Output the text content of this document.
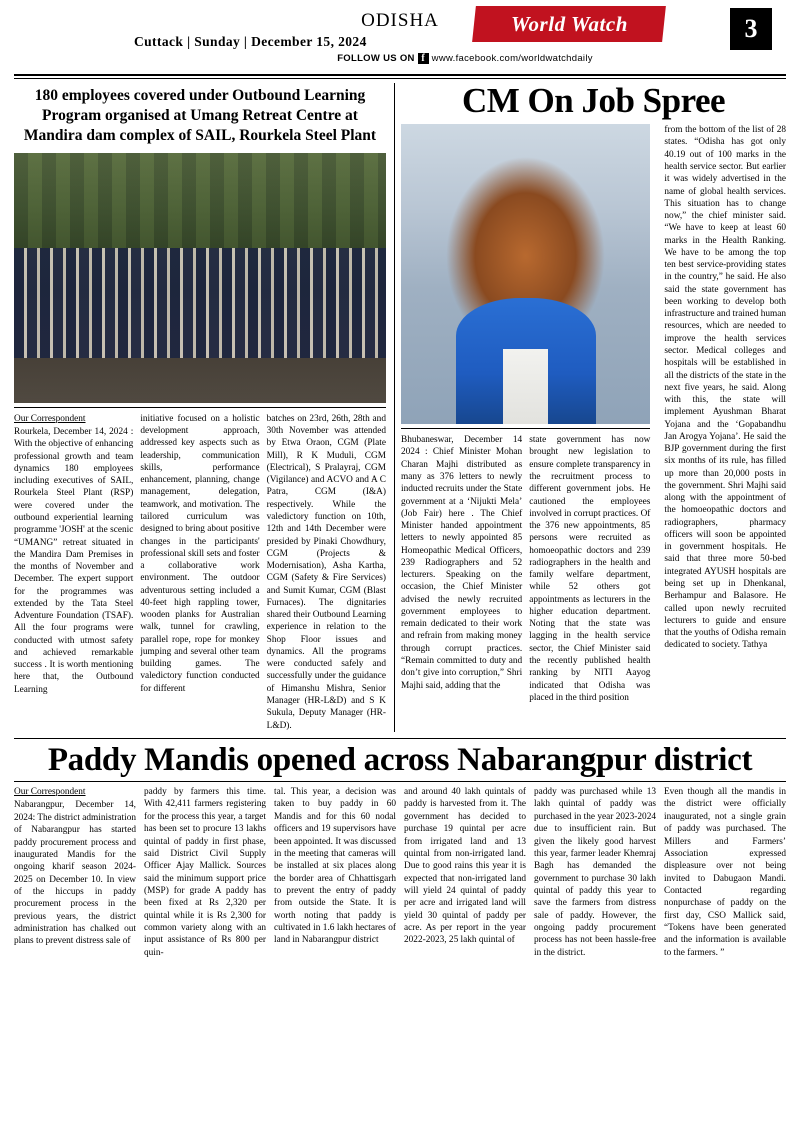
ODISHA
Cuttack | Sunday | December 15, 2024
World Watch	3
FOLLOW US ON f www.facebook.com/worldwatchdaily
180 employees covered under Outbound Learning Program organised at Umang Retreat Centre at Mandira dam complex of SAIL, Rourkela Steel Plant
Our Correspondent

Rourkela, December 14, 2024 : With the objective of enhancing professional growth and team dynamics 180 employees including executives of SAIL, Rourkela Steel Plant (RSP) were covered under the outbound experiential learning programme 'JOSH' at the scenic “UMANG” retreat situated in the Mandira Dam Premises in the months of November and December. The expert support for the programmes was extended by the Tata Steel Adventure Foundation (TSAF). All the four programs were conducted with utmost safety and achieved remarkable success . It is worth mentioning here that, the Outbound Learning

initiative focused on a holistic development approach, addressed key aspects such as leadership, communication skills, performance enhancement, planning, change management, delegation, teamwork, and motivation. The tailored curriculum was designed to bring about positive changes in the participants' professional skill sets and foster a collaborative work environment. The outdoor adventurous setting included a 40-feet high rappling tower, wooden planks for Australian walk, tunnel for crawling, parallel rope, rope for monkey jumping and several other team building games. The valedictory function conducted for different

batches on 23rd, 26th, 28th and 30th November was attended by Etwa Oraon, CGM (Plate Mill), R K Muduli, CGM (Electrical), S Pralayraj, CGM (Vigilance) and ACVO and A C Patra, CGM (I&A) respectively. While the valedictory function on 10th, 12th and 14th December were presided by Pinaki Chowdhury, CGM (Projects & Modernisation), Asha Kartha, CGM (Safety & Fire Services) and Sumit Kumar, CGM (Blast Furnaces). The dignitaries shared their Outbound Learning experience in relation to the Shop Floor issues and dynamics. All the programs were conducted safely and successfully under the guidance of Himanshu Mishra, Senior Manager (HR-L&D) and S K Sukula, Deputy Manager (HR-L&D).

CM On Job Spree

Bhubaneswar, December 14 2024 : Chief Minister Mohan Charan Majhi distributed as many as 376 letters to newly inducted recruits under the State government at a ‘Nijukti Mela’ (Job Fair) here . The Chief Minister handed appointment letters to newly appointed 85 Homeopathic Medical Officers, 239 Radiographers and 52 lecturers. Speaking on the occasion, the Chief Minister advised the newly recruited government employees to remain dedicated to their work and refrain from making money through corrupt practices. “Remain committed to duty and don’t give into corruption,” Shri Majhi said, adding that the

state government has now brought new legislation to ensure complete transparency in the recruitment process to different government jobs. He cautioned the employees involved in corrupt practices. Of the 376 new appointments, 85 persons were recruited as homoeopathic doctors and 239 radiographers in the health and family welfare department, while 52 others got appointments as lecturers in the higher education department. Noting that the state was lagging in the health service sector, the Chief Minister said the recently published health ranking by NITI Aayog indicated that Odisha was placed in the third position

from the bottom of the list of 28 states. “Odisha has got only 40.19 out of 100 marks in the health service sector. But earlier it was widely advertised in the name of global health services. This situation has to change now,” the chief minister said. “We have to keep at least 60 marks in the Health Ranking. We have to be among the top ten best service-providing states in the country,” he said. He also said the state government has been working to develop both infrastructure and trained human resources, which are needed to improve the health services sector. Medical colleges and hospitals will be established in all the districts of the state in the next five years, he said. Along with this, the state will implement Ayushman Bharat Yojana and the ‘Gopabandhu Jan Arogya Yojana’. He said the BJP government during the first six months of its rule, has filled up more than 20,000 posts in the government. Shri Majhi said along with the appointment of the homoeopathic doctors and radiographers, pharmacy officers will soon be appointed in government hospitals. He said that three more 50-bed integrated AYUSH hospitals are being set up in Dhenkanal, Berhampur and Balasore. He called upon newly recruited lecturers to guide and ensure that the youths of Odisha remain dedicated to society. Tathya

Paddy Mandis opened across Nabarangpur district
Our Correspondent

Nabarangpur, December 14, 2024: The district administration of Nabarangpur has started paddy procurement process and inaugurated Mandis for the ongoing kharif season 2024-2025 on December 10. In view of the hiccups in paddy procurement process in the previous years, the district administration has chalked out plans to prevent distress sale of

paddy by farmers this time. With 42,411 farmers registering for the process this year, a target has been set to procure 13 lakhs quintal of paddy in first phase, said District Civil Supply Officer Ajay Mallick. Sources said the minimum support price (MSP) for grade A paddy has been fixed at Rs 2,320 per quintal while it is Rs 2,300 for common variety along with an input assistance of Rs 800 per quin-

tal. This year, a decision was taken to buy paddy in 60 Mandis and for this 60 nodal officers and 19 supervisors have been appointed. It was discussed in the meeting that cameras will be installed at six places along the border area of Chhattisgarh to prevent the entry of paddy from outside the State. It is worth noting that paddy is cultivated in 1.6 lakh hectares of land in Nabarangpur district

and around 40 lakh quintals of paddy is harvested from it. The government has decided to purchase 19 quintal per acre from irrigated land and 13 quintal from non-irrigated land. Due to good rains this year it is expected that non-irrigated land will yield 24 quintal of paddy per acre and irrigated land will yield 30 quintal of paddy per acre. As per report in the year 2022-2023, 25 lakh quintal of

paddy was purchased while 13 lakh quintal of paddy was purchased in the year 2023-2024 due to insufficient rain. But given the likely good harvest this year, farmer leader Khemraj Bagh has demanded the government to purchase 30 lakh quintal of paddy this year to save the farmers from distress sale of paddy. However, the ongoing paddy procurement process has not been hassle-free in the district.

Even though all the mandis in the district were officially inaugurated, not a single grain of paddy was purchased. The Millers and Farmers’ Association expressed displeasure over not being invited to Dabugaon Mandi. Contacted regarding nonpurchase of paddy on the first day, CSO Mallick said, “Tokens have been generated and the information is available to the farmers. ”
